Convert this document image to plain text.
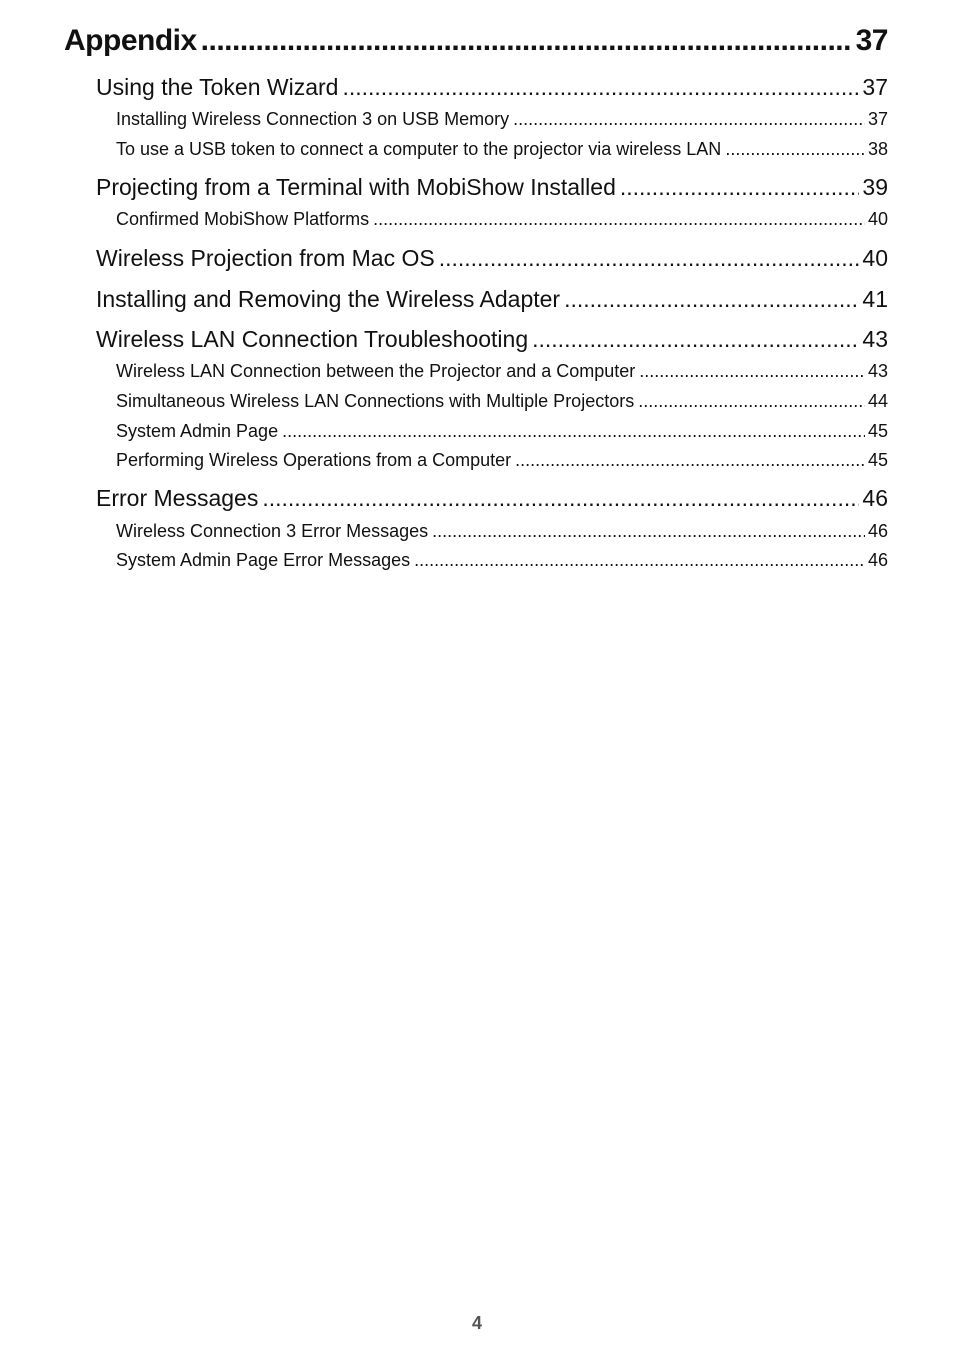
Appendix .....	37
Using the Token Wizard .....	37
Installing Wireless Connection 3 on USB Memory .....	37
To use a USB token to connect a computer to the projector via wireless LAN .....	38
Projecting from a Terminal with MobiShow Installed .....	39
Confirmed MobiShow Platforms .....	40
Wireless Projection from Mac OS .....	40
Installing and Removing the Wireless Adapter .....	41
Wireless LAN Connection Troubleshooting .....	43
Wireless LAN Connection between the Projector and a Computer .....	43
Simultaneous Wireless LAN Connections with Multiple Projectors .....	44
System Admin Page .....	45
Performing Wireless Operations from a Computer .....	45
Error Messages .....	46
Wireless Connection 3 Error Messages .....	46
System Admin Page Error Messages .....	46
4
